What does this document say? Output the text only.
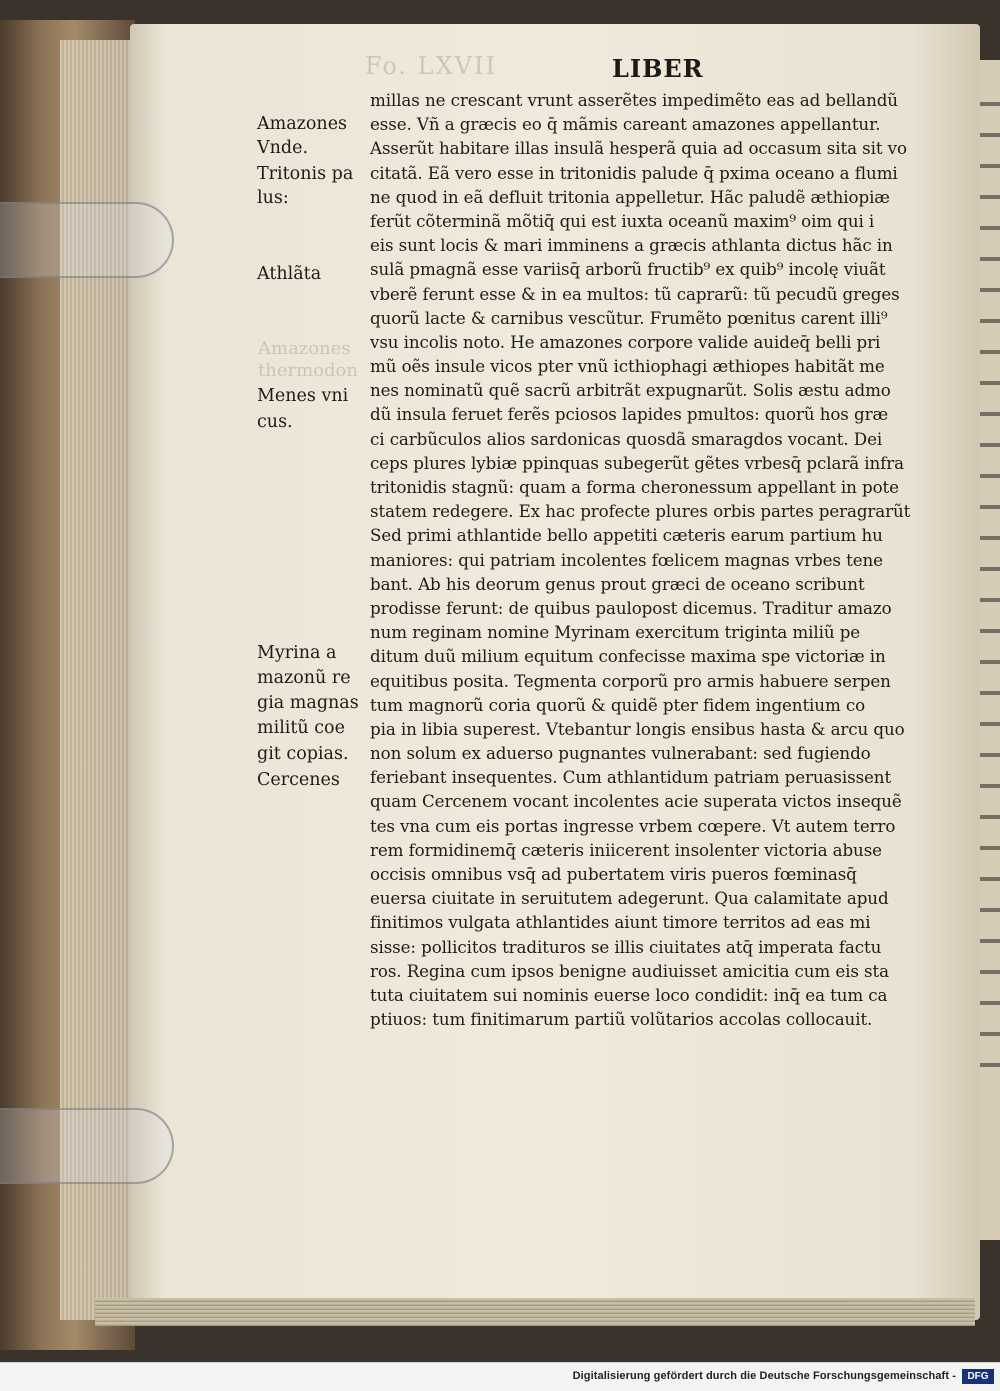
Fo. LXVII
Amazones
thermodon
LIBER
millas ne crescant vrunt asserẽtes impedimẽto eas ad bellandũ
esse. Vñ a græcis eo q̄ mãmis careant amazones appellantur.
Asserũt habitare illas insulã hesperã quia ad occasum sita sit vo
citatã. Eã vero esse in tritonidis palude q̄ pxima oceano a flumi
ne quod in eã defluit tritonia appelletur. Hãc paludẽ æthiopiæ
ferũt cõterminã mõtiq̄ qui est iuxta oceanũ maxim⁹ oim qui i
eis sunt locis & mari imminens a græcis athlanta dictus hãc in
sulã pmagnã esse variisq̄ arborũ fructib⁹ ex quib⁹ incolę viuãt
vberẽ ferunt esse & in ea multos: tũ caprarũ: tũ pecudũ greges
quorũ lacte & carnibus vescũtur. Frumẽto pœnitus carent illi⁹
vsu incolis noto. He amazones corpore valide auideq̄ belli pri
mũ oẽs insule vicos pter vnũ icthiophagi æthiopes habitãt me
nes nominatũ quẽ sacrũ arbitrãt expugnarũt. Solis æstu admo
dũ insula feruet ferẽs pciosos lapides pmultos: quorũ hos græ
ci carbũculos alios sardonicas quosdã smaragdos vocant. Dei
ceps plures lybiæ ppinquas subegerũt gẽtes vrbesq̄ pclarã infra
tritonidis stagnũ: quam a forma cheronessum appellant in pote
statem redegere. Ex hac profecte plures orbis partes peragrarũt
Sed primi athlantide bello appetiti cæteris earum partium hu
maniores: qui patriam incolentes fœlicem magnas vrbes tene
bant. Ab his deorum genus prout græci de oceano scribunt
prodisse ferunt: de quibus paulopost dicemus. Traditur amazo
num reginam nomine Myrinam exercitum triginta miliũ pe
ditum duũ milium equitum confecisse maxima spe victoriæ in
equitibus posita. Tegmenta corporũ pro armis habuere serpen
tum magnorũ coria quorũ & quidẽ pter fidem ingentium co
pia in libia superest. Vtebantur longis ensibus hasta & arcu quo
non solum ex aduerso pugnantes vulnerabant: sed fugiendo
feriebant insequentes. Cum athlantidum patriam peruasissent
quam Cercenem vocant incolentes acie superata victos insequẽ
tes vna cum eis portas ingresse vrbem cœpere. Vt autem terro
rem formidinemq̄ cæteris iniicerent insolenter victoria abuse
occisis omnibus vsq̄ ad pubertatem viris pueros fœminasq̄
euersa ciuitate in seruitutem adegerunt. Qua calamitate apud
finitimos vulgata athlantides aiunt timore territos ad eas mi
sisse: pollicitos tradituros se illis ciuitates atq̄ imperata factu
ros. Regina cum ipsos benigne audiuisset amicitia cum eis sta
tuta ciuitatem sui nominis euerse loco condidit: inq̄ ea tum ca
ptiuos: tum finitimarum partiũ volũtarios accolas collocauit.
Amazones
Vnde.
Tritonis pa
lus:
Athlãta
Menes vni
cus.
Myrina a
mazonũ re
gia magnas
militũ coe
git copias.
Cercenes
Digitalisierung gefördert durch die Deutsche Forschungsgemeinschaft -	DFG
